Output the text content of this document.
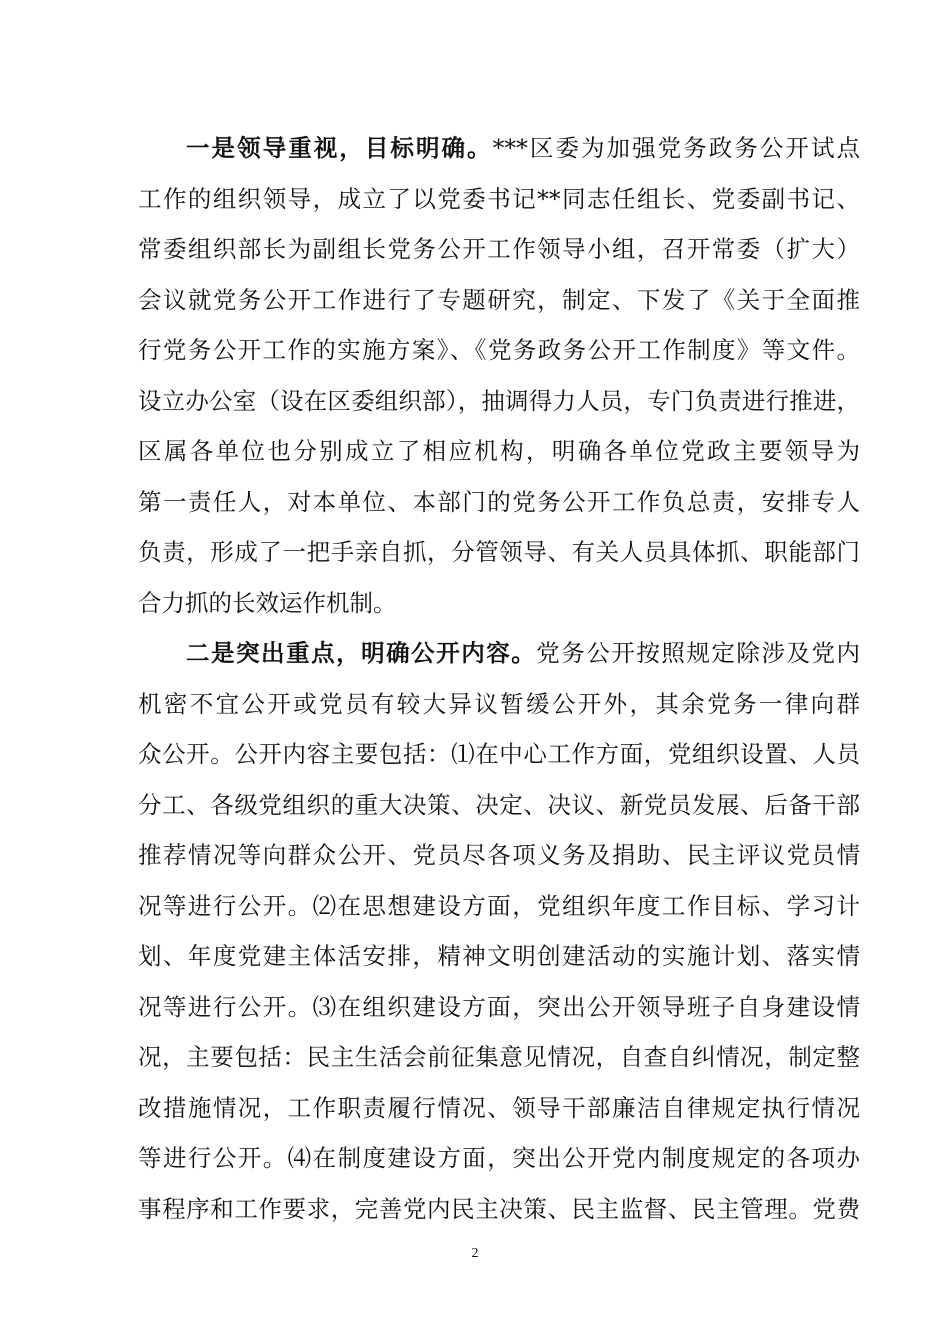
一是领导重视，目标明确。***区委为加强党务政务公开试点
工作的组织领导，成立了以党委书记**同志任组长、党委副书记、
常委组织部长为副组长党务公开工作领导小组，召开常委（扩大）
会议就党务公开工作进行了专题研究，制定、下发了《关于全面推
行党务公开工作的实施方案》、《党务政务公开工作制度》等文件。
设立办公室（设在区委组织部），抽调得力人员，专门负责进行推进，
区属各单位也分别成立了相应机构，明确各单位党政主要领导为
第一责任人，对本单位、本部门的党务公开工作负总责，安排专人
负责，形成了一把手亲自抓，分管领导、有关人员具体抓、职能部门
合力抓的长效运作机制。
二是突出重点，明确公开内容。党务公开按照规定除涉及党内
机密不宜公开或党员有较大异议暂缓公开外，其余党务一律向群
众公开。公开内容主要包括：⑴在中心工作方面，党组织设置、人员
分工、各级党组织的重大决策、决定、决议、新党员发展、后备干部
推荐情况等向群众公开、党员尽各项义务及捐助、民主评议党员情
况等进行公开。⑵在思想建设方面，党组织年度工作目标、学习计
划、年度党建主体活安排，精神文明创建活动的实施计划、落实情
况等进行公开。⑶在组织建设方面，突出公开领导班子自身建设情
况，主要包括：民主生活会前征集意见情况，自查自纠情况，制定整
改措施情况，工作职责履行情况、领导干部廉洁自律规定执行情况
等进行公开。⑷在制度建设方面，突出公开党内制度规定的各项办
事程序和工作要求，完善党内民主决策、民主监督、民主管理。党费
2
